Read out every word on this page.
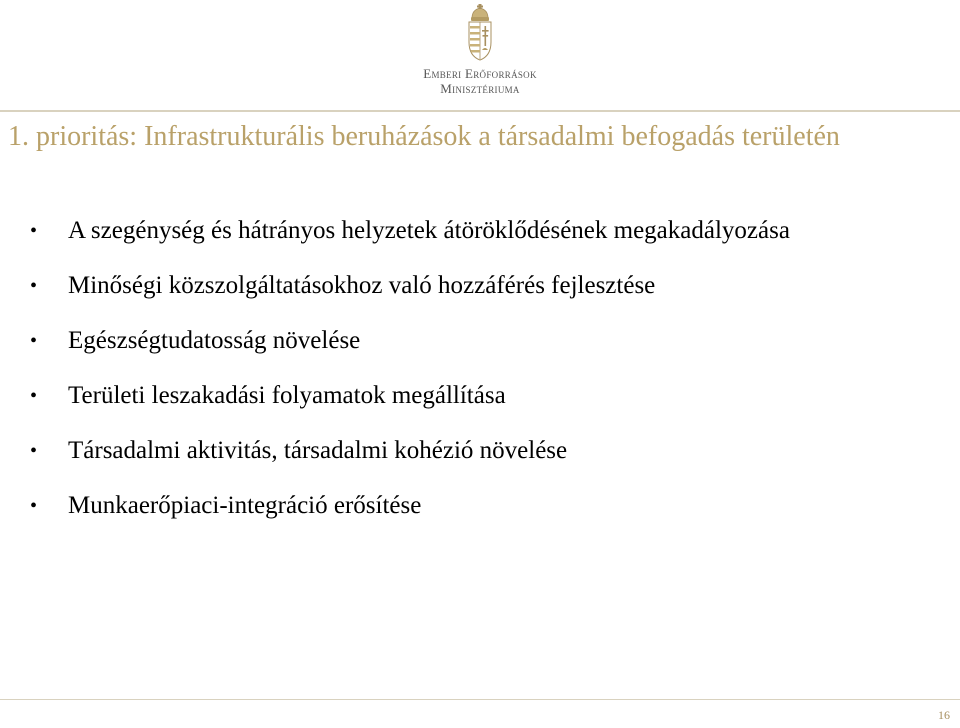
Emberi Erőforrások
Minisztériuma
1. prioritás: Infrastrukturális beruházások a társadalmi befogadás területén
• A szegénység és hátrányos helyzetek átöröklődésének megakadályozása
• Minőségi közszolgáltatásokhoz való hozzáférés fejlesztése
• Egészségtudatosság növelése
• Területi leszakadási folyamatok megállítása
• Társadalmi aktivitás, társadalmi kohézió növelése
• Munkaerőpiaci-integráció erősítése
16
